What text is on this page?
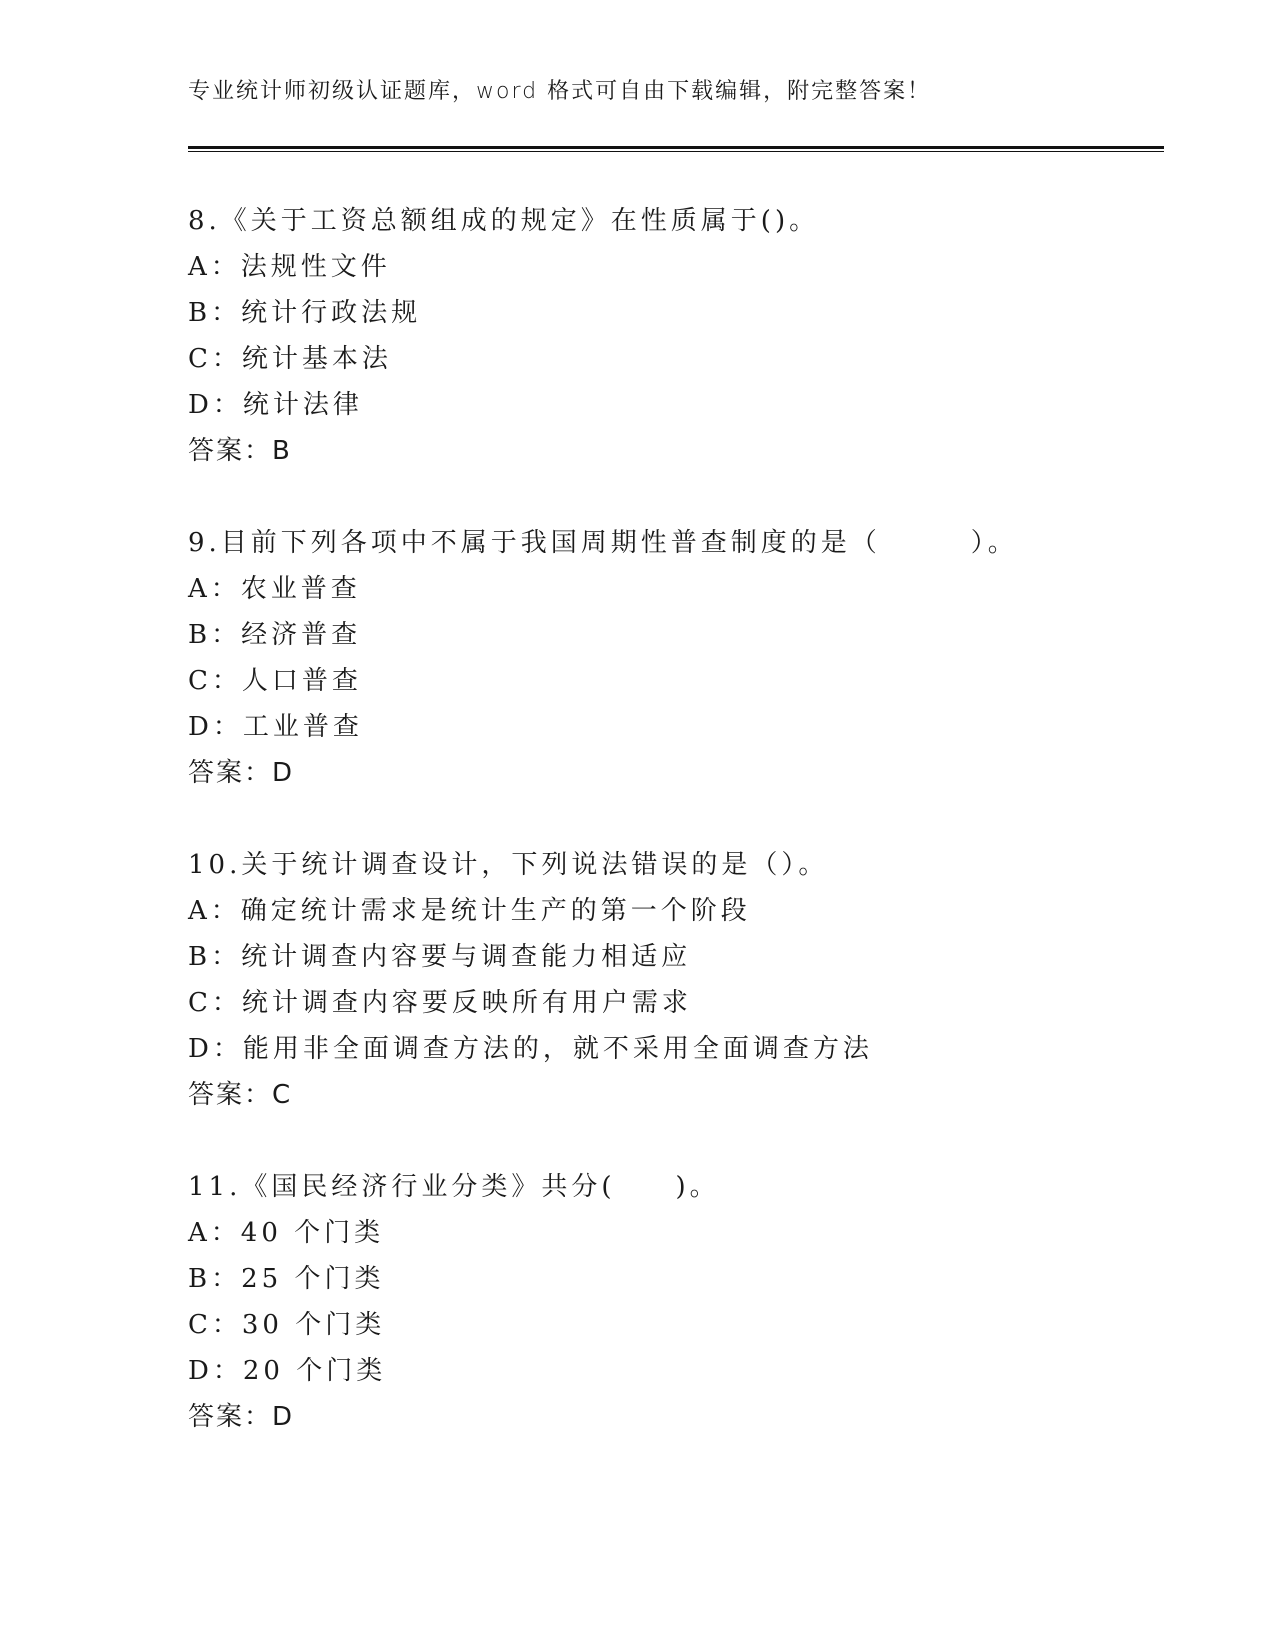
专业统计师初级认证题库，word 格式可自由下载编辑，附完整答案！
8.《关于工资总额组成的规定》在性质属于()。
A：法规性文件
B：统计行政法规
C：统计基本法
D：统计法律
答案：B
9.目前下列各项中不属于我国周期性普查制度的是（　　　）。
A：农业普查
B：经济普查
C：人口普查
D：工业普查
答案：D
10.关于统计调查设计，下列说法错误的是（）。
A：确定统计需求是统计生产的第一个阶段
B：统计调查内容要与调查能力相适应
C：统计调查内容要反映所有用户需求
D：能用非全面调查方法的，就不采用全面调查方法
答案：C
11.《国民经济行业分类》共分(　　)。
A：40 个门类
B：25 个门类
C：30 个门类
D：20 个门类
答案：D
